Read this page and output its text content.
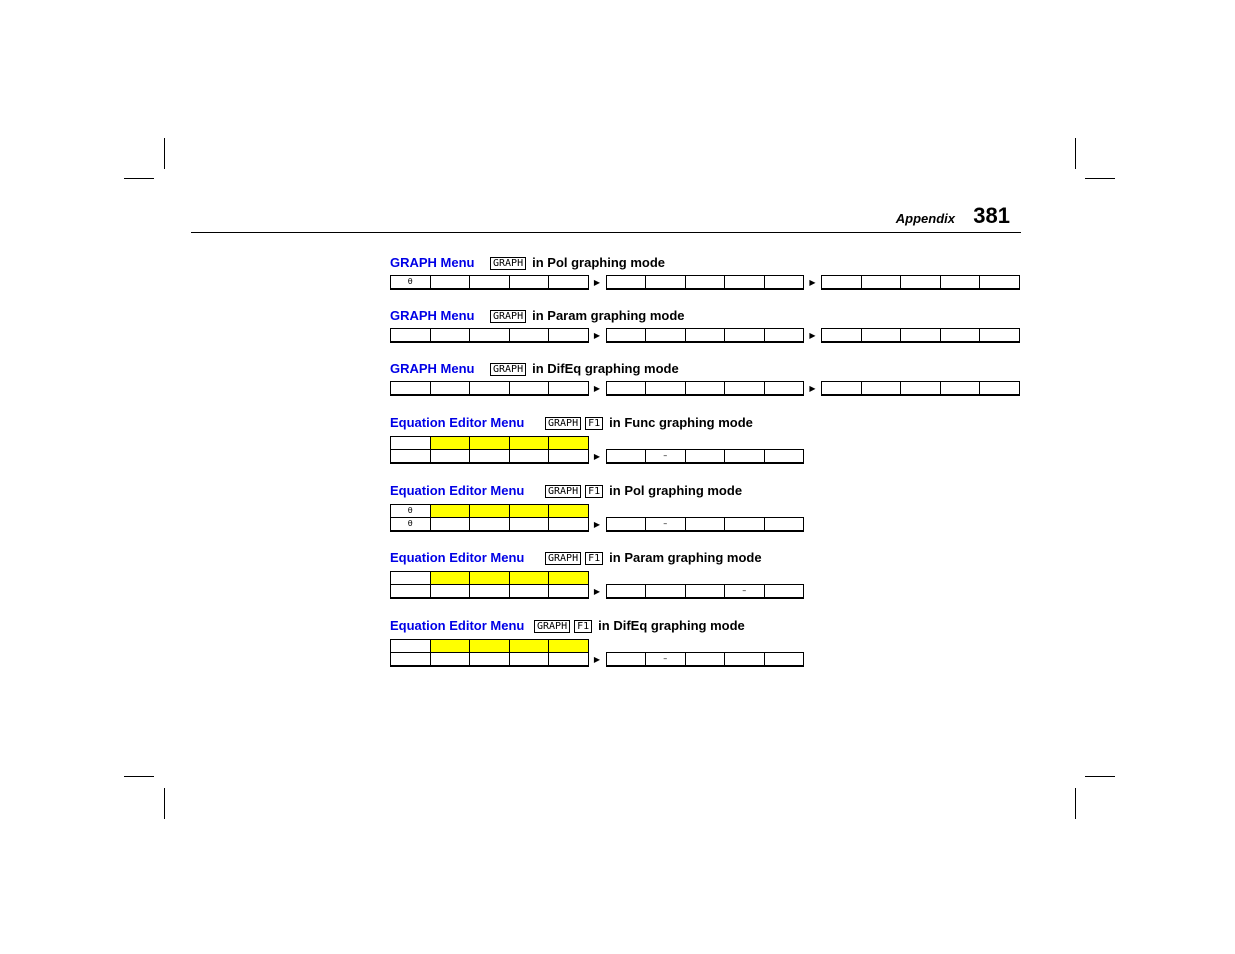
Appendix 381
GRAPH Menu	GRAPH in Pol graphing mode
θ	▶	▶
GRAPH Menu	GRAPH in Param graphing mode
▶	▶
GRAPH Menu	GRAPH in DifEq graphing mode
▶	▶
Equation Editor Menu	GRAPH	F1 in Func graphing mode
▶	–
Equation Editor Menu	GRAPH	F1 in Pol graphing mode
θ
θ	▶	–
Equation Editor Menu	GRAPH	F1 in Param graphing mode
▶	–
Equation Editor Menu	GRAPH	F1 in DifEq graphing mode
▶	–
